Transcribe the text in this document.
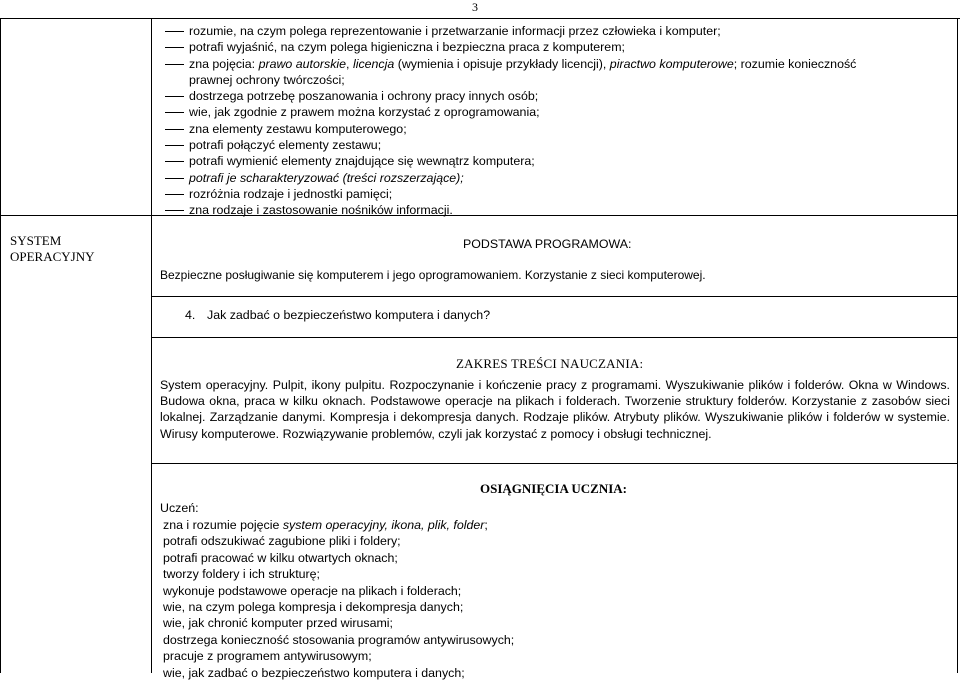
3
rozumie, na czym polega reprezentowanie i przetwarzanie informacji przez człowieka i komputer;
potrafi wyjaśnić, na czym polega higieniczna i bezpieczna praca z komputerem;
zna pojęcia: prawo autorskie, licencja (wymienia i opisuje przykłady licencji), piractwo komputerowe; rozumie konieczność
prawnej ochrony twórczości;
dostrzega potrzebę poszanowania i ochrony pracy innych osób;
wie, jak zgodnie z prawem można korzystać z oprogramowania;
zna elementy zestawu komputerowego;
potrafi połączyć elementy zestawu;
potrafi wymienić elementy znajdujące się wewnątrz komputera;
potrafi je scharakteryzować (treści rozszerzające);
rozróżnia rodzaje i jednostki pamięci;
zna rodzaje i zastosowanie nośników informacji.
SYSTEM
OPERACYJNY
PODSTAWA PROGRAMOWA:
Bezpieczne posługiwanie się komputerem i jego oprogramowaniem. Korzystanie z sieci komputerowej.
4. Jak zadbać o bezpieczeństwo komputera i danych?
ZAKRES TREŚCI NAUCZANIA:
System operacyjny. Pulpit, ikony pulpitu. Rozpoczynanie i kończenie pracy z programami. Wyszukiwanie plików i folderów. Okna w Windows. Budowa okna, praca w kilku oknach. Podstawowe operacje na plikach i folderach. Tworzenie struktury folderów. Korzystanie z zasobów sieci lokalnej. Zarządzanie danymi. Kompresja i dekompresja danych. Rodzaje plików. Atrybuty plików. Wyszukiwanie plików i folderów w systemie. Wirusy komputerowe. Rozwiązywanie problemów, czyli jak korzystać z pomocy i obsługi technicznej.
OSIĄGNIĘCIA UCZNIA:
Uczeń:
zna i rozumie pojęcie system operacyjny, ikona, plik, folder;
potrafi odszukiwać zagubione pliki i foldery;
potrafi pracować w kilku otwartych oknach;
tworzy foldery i ich strukturę;
wykonuje podstawowe operacje na plikach i folderach;
wie, na czym polega kompresja i dekompresja danych;
wie, jak chronić komputer przed wirusami;
dostrzega konieczność stosowania programów antywirusowych;
pracuje z programem antywirusowym;
wie, jak zadbać o bezpieczeństwo komputera i danych;
